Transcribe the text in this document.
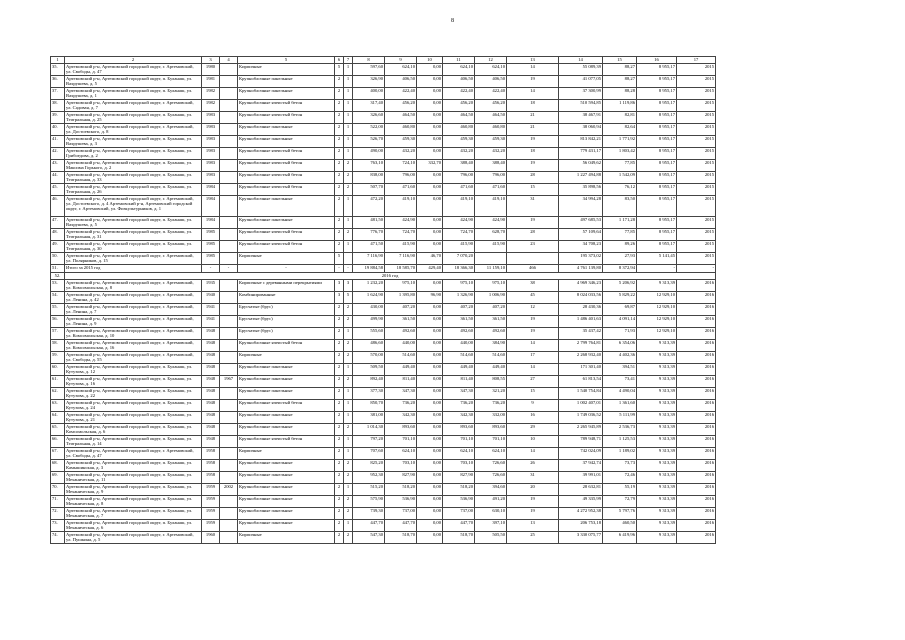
8
1	2	3	4	5	6	7	8	9	10	11	12	13	14	15	16	17
35.	Артемовский р-н, Артемовский городской округ, г. Артемовский, ул. Свободы, д. 47	1980		Кирпичные	5	1	597,60	624,10	0,00	624,10	624,10	14	55 089,39	88,27	8 955,17	2015
36.	Артемовский р-н, Артемовский городской округ, п. Буланаш, ул. Вахрушева, д. 5	1981		Крупноблочные панельные	2	1	326,90	406,50	0,00	406,50	406,50	19	41 077,05	88,27	8 955,17	2015
37.	Артемовский р-н, Артемовский городской округ, п. Буланаш, ул. Вахрушева, д. 1	1982		Крупноблочные панельные	2	1	400,00	422,40	0,00	422,40	422,40	14	37 300,99	88,28	8 955,17	2015
38.	Артемовский р-н, Артемовский городской округ, г. Артемовский, ул. Садовая, д. 7	1982		Крупноблочные ячеистый бетон	2	1	317,40	456,20	0,00	456,20	456,20	18	510 594,85	1 119,86	8 955,17	2015
39.	Артемовский р-н, Артемовский городской округ, п. Буланаш, ул. Театральная, д. 25	1983		Крупноблочные ячеистый бетон	2	1	326,60	464,50	0,00	464,50	464,50	21	38 467,91	82,81	8 955,17	2015
40.	Артемовский р-н, Артемовский городской округ, г. Артемовский, ул. Достоевского, д. 8	1983		Крупноблочные панельные	2	1	522,00	460,80	0,00	460,80	460,80	21	38 060,94	82,64	8 955,17	2015
41.	Артемовский р-н, Артемовский городской округ, п. Буланаш, ул. Вахрушева, д. 3	1983		Крупноблочные панельные	2	1	526,70	459,30	0,00	459,30	459,30	19	813 842,21	1 771,92	8 955,17	2015
42.	Артемовский р-н, Артемовский городской округ, п. Буланаш, ул. Грибоедова, д. 2	1983		Крупноблочные ячеистый бетон	2	1	490,00	432,20	0,00	432,20	432,20	18	779 431,17	1 803,42	8 955,17	2015
43.	Артемовский р-н, Артемовский городской округ, п. Буланаш, ул. Максима Горького, д. 2	1983		Крупноблочные ячеистый бетон	2	2	763,10	724,10	332,70	388,40	388,40	19	56 049,62	77,85	8 955,17	2015
44.	Артемовский р-н, Артемовский городской округ, п. Буланаш, ул. Театральная, д. 33	1983		Крупноблочные ячеистый бетон	2	2	838,00	796,00	0,00	796,00	796,00	28	1 227 494,88	1 542,09	8 955,17	2015
45.	Артемовский р-н, Артемовский городской округ, п. Буланаш, ул. Театральная, д. 26	1984		Крупноблочные ячеистый бетон	2	2	507,70	471,60	0,00	471,60	471,60	15	35 898,56	76,12	8 955,17	2015
46.	Артемовский р-н, Артемовский городской округ, г. Артемовский, ул. Достоевского, д. 4 Артемовский р-н, Артемовский городской округ, г. Артемовский, ул. Физкультурников, д. 1	1984		Крупноблочные панельные	2	1	472,20	419,10	0,00	419,10	419,10	31	34 994,28	83,50	8 955,17	2015
47.	Артемовский р-н, Артемовский городской округ, п. Буланаш, ул. Вахрушева, д. 5	1984		Крупноблочные панельные	2	1	481,50	424,90	0,00	424,90	424,90	19	497 685,53	1 171,28	8 955,17	2015
48.	Артемовский р-н, Артемовский городской округ, п. Буланаш, ул. Театральная, д. 31	1985		Крупноблочные ячеистый бетон	2	2	776,70	724,70	0,00	724,70	628,70	28	57 109,64	77,85	8 955,17	2015
49.	Артемовский р-н, Артемовский городской округ, п. Буланаш, ул. Театральная, д. 30	1985		Крупноблочные ячеистый бетон	2	1	471,50	415,90	0,00	415,90	415,90	23	34 708,23	89,26	8 955,17	2015
50.	Артемовский р-н, Артемовский городской округ, г. Артемовский, ул. Полярников, д. 15	1985		Кирпичные	5		7 116,90	7 116,90	46,70	7 070,20			195 373,02	27,93	5 141,45	2015
51.	Итого за 2015 год	-	-	-	-	-	19 884,58	18 585,70	429,40	18 366,30	11 159,10	466	4 761 139,80	8 372,94	-	-
52.	2016 год															
53.	Артемовский р-н, Артемовский городской округ, г. Артемовский, ул. Комсомольская, д. 8	1935		Кирпичные с деревянными перекрытиями	3	3	1 232,20	975,10	0,00	975,10	975,10	38	4 969 346,23	5 206,92	9 313,39	2016
54.	Артемовский р-н, Артемовский городской округ, г. Артемовский, ул. Ленина, д. 42	1940		Комбинированные	3	5	1 624,90	1 395,80	96,90	1 326,90	1 006,90	45	8 024 033,56	5 829,22	12 929,10	2016
55.	Артемовский р-н, Артемовский городской округ, г. Артемовский, ул. Ленина, д. 7	1941		Брусчатые (брус)	2	2	430,00	407,20	0,00	407,20	407,20	12	28 430,36	69,87	12 929,10	2016
56.	Артемовский р-н, Артемовский городской округ, г. Артемовский, ул. Ленина, д. 9	1941		Брусчатые (брус)	2	2	499,90	361,50	0,00	361,50	361,50	19	1 486 401,63	4 091,14	12 929,10	2016
57.	Артемовский р-н, Артемовский городской округ, г. Артемовский, ул. Комсомольская, д. 10	1948		Брусчатые (брус)	2	1	555,60	492,60	0,00	492,60	492,60	19	35 437,42	71,93	12 929,10	2016
58.	Артемовский р-н, Артемовский городской округ, г. Артемовский, ул. Комсомольская, д. 16	1948		Крупноблочные ячеистый бетон	2	2	486,60	440,00	0,00	440,00	384,90	14	2 799 764,81	6 354,06	9 313,39	2016
59.	Артемовский р-н, Артемовский городской округ, г. Артемовский, ул. Свободы, д. 55	1948		Кирпичные	2	2	570,00	514,60	0,00	514,60	514,60	17	2 268 932,40	4 402,36	9 313,39	2016
60.	Артемовский р-н, Артемовский городской округ, п. Буланаш, ул. Кутузова, д. 12	1948		Крупноблочные панельные	2	1	509,50	449,40	0,00	449,40	449,40	14	171 301,40	394,51	9 313,39	2016
61.	Артемовский р-н, Артемовский городской округ, п. Буланаш, ул. Кутузова, д. 16	1948	1967	Крупноблочные панельные	2	2	892,40	811,40	0,00	811,40	808,55	27	61 813,54	73,41	9 313,39	2016
62.	Артемовский р-н, Артемовский городской округ, п. Буланаш, ул. Кутузова, д. 22	1948		Крупноблочные панельные	2	1	377,30	347,30	0,00	347,30	321,20	15	1 540 754,84	4 490,04	9 313,39	2016
63.	Артемовский р-н, Артемовский городской округ, п. Буланаш, ул. Кутузова, д. 24	1948		Крупноблочные ячеистый бетон	2	1	850,70	736,20	0,00	736,20	736,20	9	1 002 407,01	1 361,60	9 313,39	2016
64.	Артемовский р-н, Артемовский городской округ, п. Буланаш, ул. Кутузова, д. 21	1948		Крупноблочные панельные	2	1	381,00	342,30	0,00	342,30	332,00	16	1 749 036,52	5 111,99	9 313,39	2016
65.	Артемовский р-н, Артемовский городской округ, п. Буланаш, ул. Комсомольская, д. 6	1948		Крупноблочные панельные	2	2	1 014,30	893,60	0,00	893,60	893,60	29	2 265 945,89	2 536,73	9 313,39	2016
66.	Артемовский р-н, Артемовский городской округ, п. Буланаш, ул. Театральная, д. 14	1948		Крупноблочные ячеистый бетон	2	1	797,20	701,10	0,00	701,10	701,10	10	789 948,71	1 125,53	9 313,39	2016
67.	Артемовский р-н, Артемовский городской округ, г. Артемовский, ул. Свободы, д. 47	1958		Кирпичные	2	1	707,60	624,10	0,00	624,10	624,10	14	742 024,09	1 189,02	9 313,39	2016
68.	Артемовский р-н, Артемовский городской округ, п. Буланаш, ул. Камышинская, д. 3	1958		Крупноблочные панельные	2	2	825,20	703,10	0,00	703,10	726,60	26	37 942,74	73,73	9 313,39	2016
69.	Артемовский р-н, Артемовский городской округ, п. Буланаш, ул. Механическая, д. 11	1958		Крупноблочные панельные	2	2	952,30	827,90	0,00	827,90	726,60	31	39 991,01	72,46	9 313,39	2016
70.	Артемовский р-н, Артемовский городской округ, п. Буланаш, ул. Механическая, д. 9	1959	2002	Крупноблочные панельные	2	1	515,20	518,20	0,00	518,20	394,60	20	28 632,81	55,19	9 313,39	2016
71.	Артемовский р-н, Артемовский городской округ, п. Буланаш, ул. Механическая, д. 8	1959		Крупноблочные панельные	2	2	575,90	536,90	0,00	536,90	491,20	19	49 335,99	72,79	9 313,39	2016
72.	Артемовский р-н, Артемовский городской округ, п. Буланаш, ул. Механическая, д. 7	1959		Крупноблочные панельные	2	2	739,30	737,00	0,00	737,00	630,10	19	4 272 952,38	5 797,76	9 313,39	2016
73.	Артемовский р-н, Артемовский городской округ, п. Буланаш, ул. Механическая, д. 6	1959		Крупноблочные панельные	2	1	447,70	447,70	0,00	447,70	397,10	13	206 753,18	460,50	9 313,39	2016
74.	Артемовский р-н, Артемовский городской округ, г. Артемовский, ул. Пушкина, д. 5	1960		Кирпичные	2	2	547,30	518,70	0,00	518,70	505,50	25	3 330 075,77	6 419,96	9 313,39	2016
